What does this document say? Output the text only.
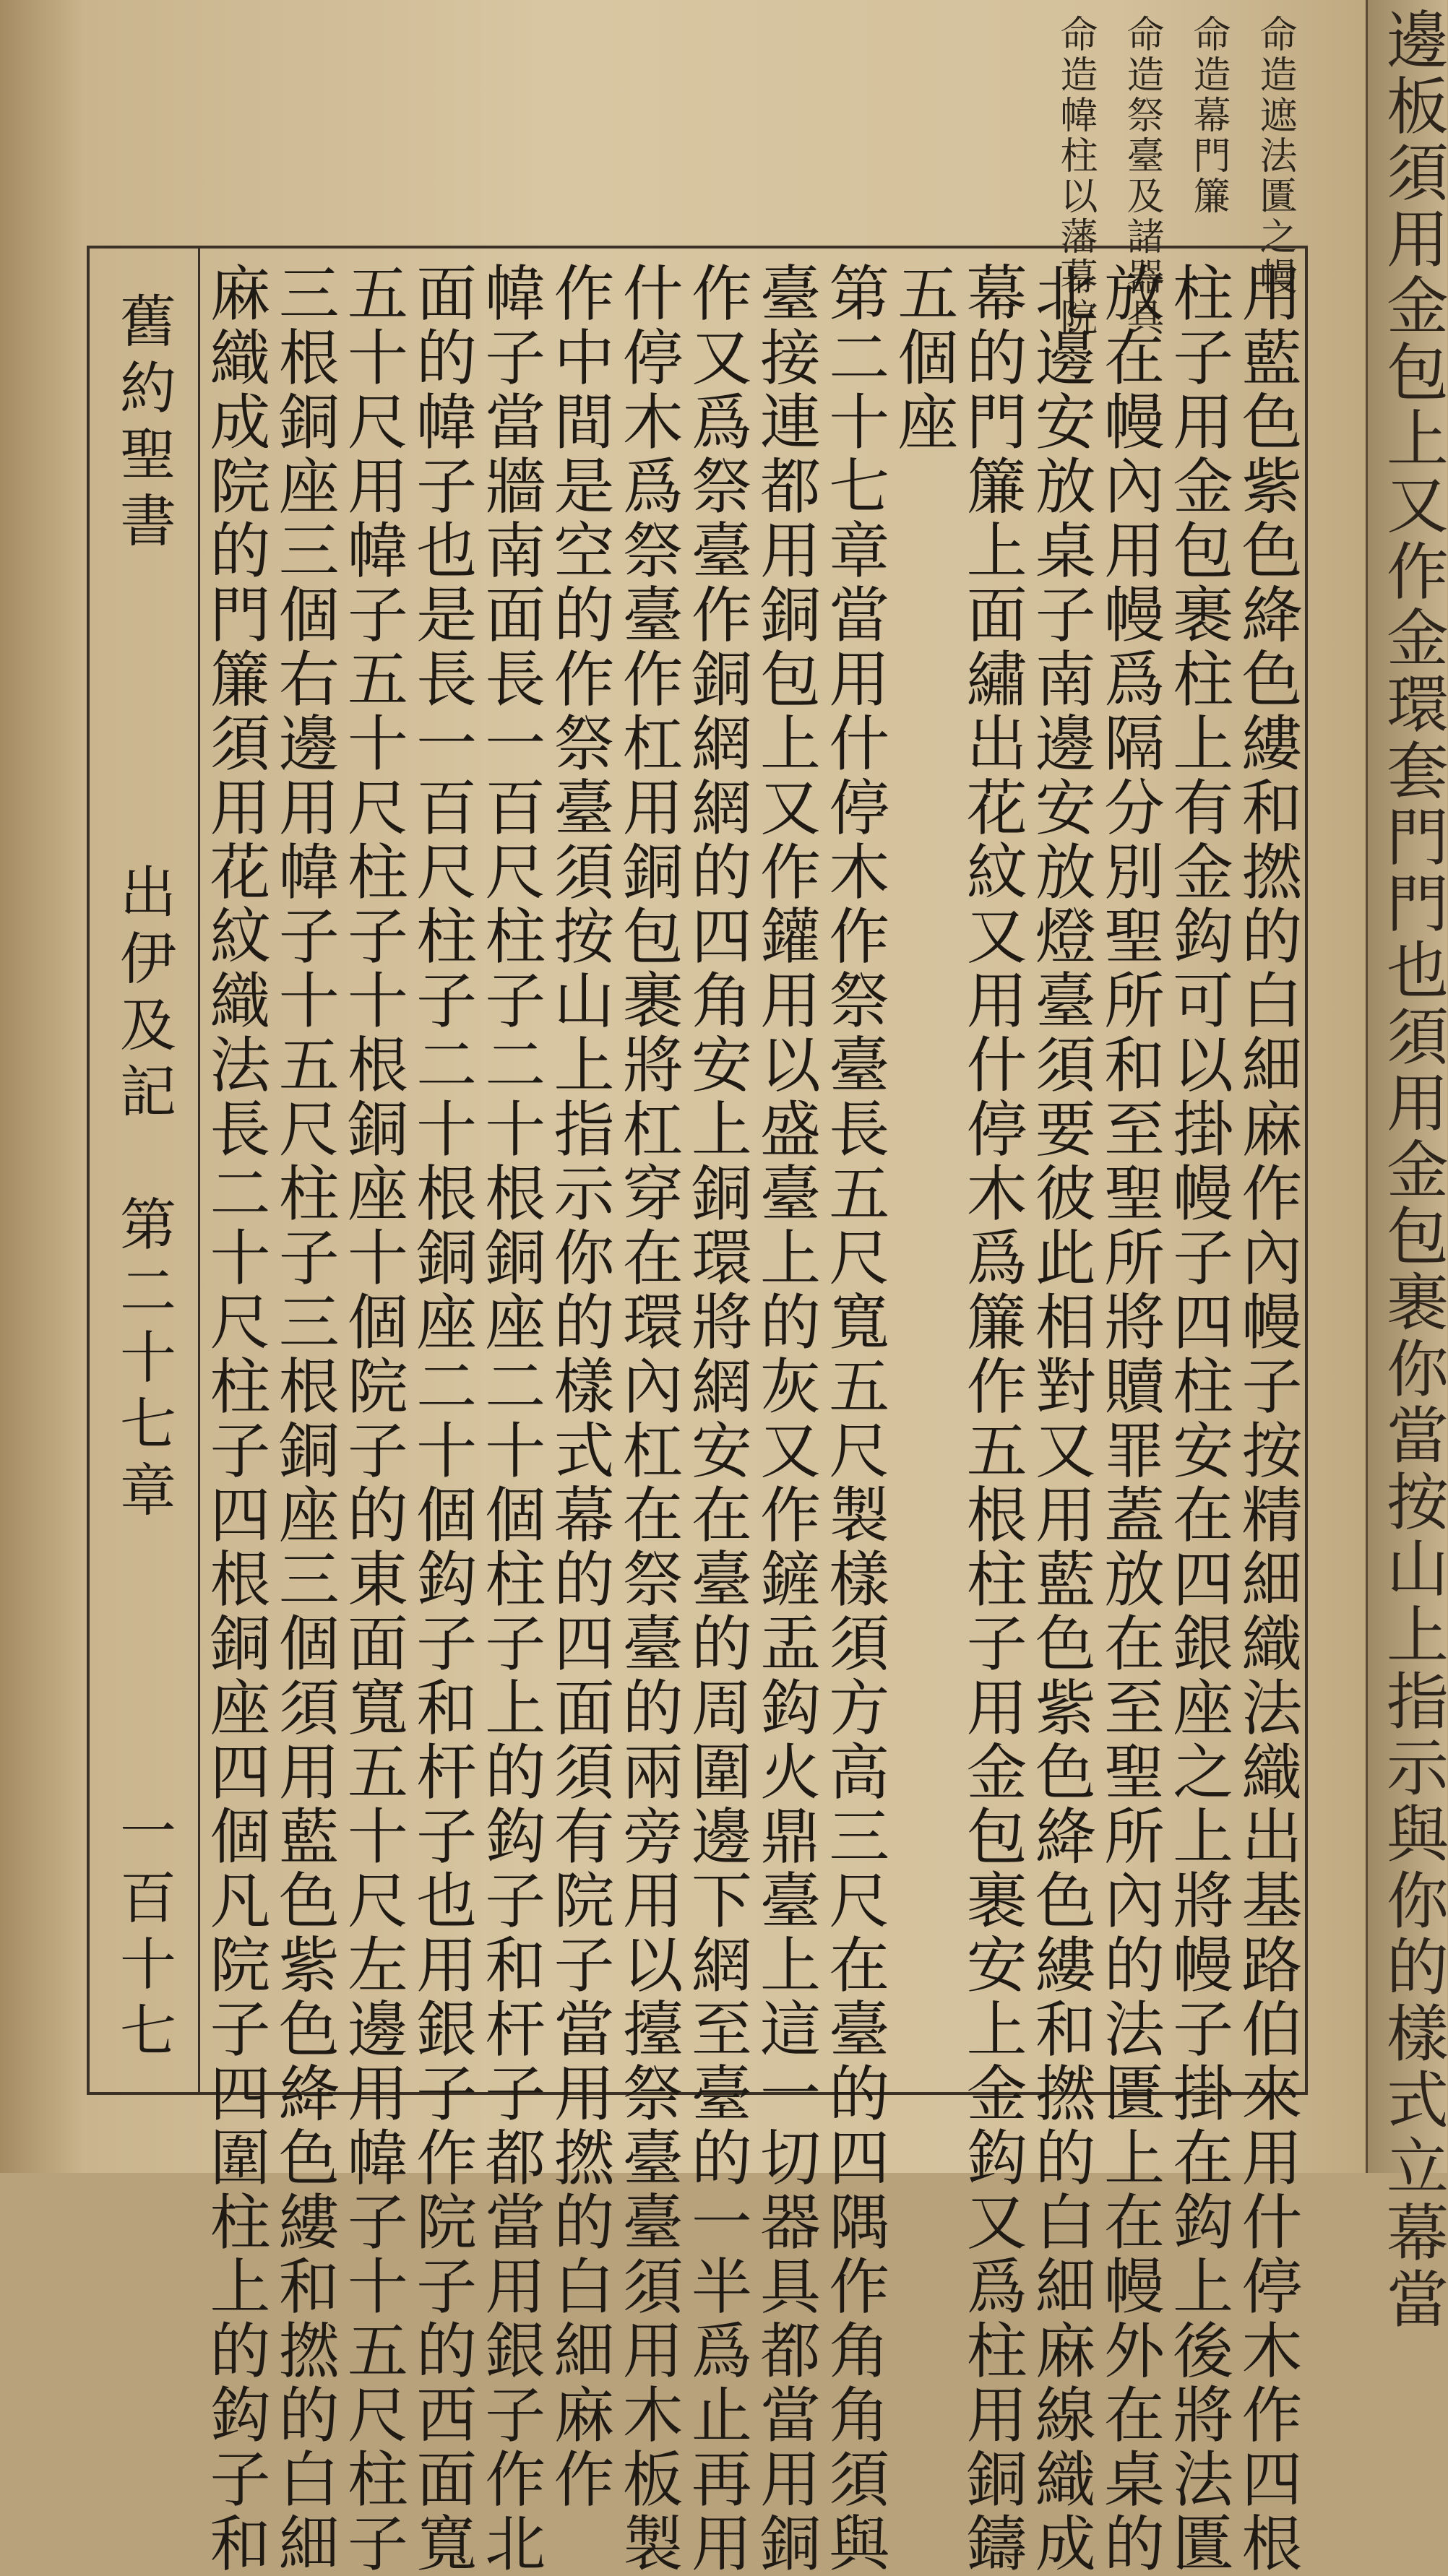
命造遮法匱之幔
命造幕門簾
命造祭臺及諸器具
命造幃柱以藩幕院
舊約聖書
出伊及記　第二十七章
一百十七	用藍色紫色絳色縷和撚的白細麻作內幔子按精細織法織出基路伯來用什停木作四根
柱子用金包裹柱上有金鈎可以掛幔子四柱安在四銀座之上將幔子掛在鈎上後將法匱
放在幔內用幔爲隔分別聖所和至聖所將贖罪蓋放在至聖所內的法匱上在幔外在桌的
北邊安放桌子南邊安放燈臺須要彼此相對又用藍色紫色絳色縷和撚的白細麻線織成
幕的門簾上面繡出花紋又用什停木爲簾作五根柱子用金包裹安上金鈎又爲柱用銅鑄
五個座
第二十七章當用什停木作祭臺長五尺寬五尺製樣須方高三尺在臺的四隅作角角須與
臺接連都用銅包上又作鑵用以盛臺上的灰又作鏟盂鈎火鼎臺上這一切器具都當用銅
作又爲祭臺作銅網網的四角安上銅環將網安在臺的周圍邊下網至臺的一半爲止再用
什停木爲祭臺作杠用銅包裹將杠穿在環內杠在祭臺的兩旁用以擡祭臺臺須用木板製
作中間是空的作祭臺須按山上指示你的樣式幕的四面須有院子當用撚的白細麻作
幃子當牆南面長一百尺柱子二十根銅座二十個柱子上的鈎子和杆子都當用銀子作北
面的幃子也是長一百尺柱子二十根銅座二十個鈎子和杆子也用銀子作院子的西面寬
五十尺用幃子五十尺柱子十根銅座十個院子的東面寬五十尺左邊用幃子十五尺柱子
三根銅座三個右邊用幃子十五尺柱子三根銅座三個須用藍色紫色絳色縷和撚的白細
麻織成院的門簾須用花紋織法長二十尺柱子四根銅座四個凡院子四圍柱上的鈎子和	邊板須用金包上又作金環套門門也須用金包裹你當按山上指示與你的樣式立幕當
